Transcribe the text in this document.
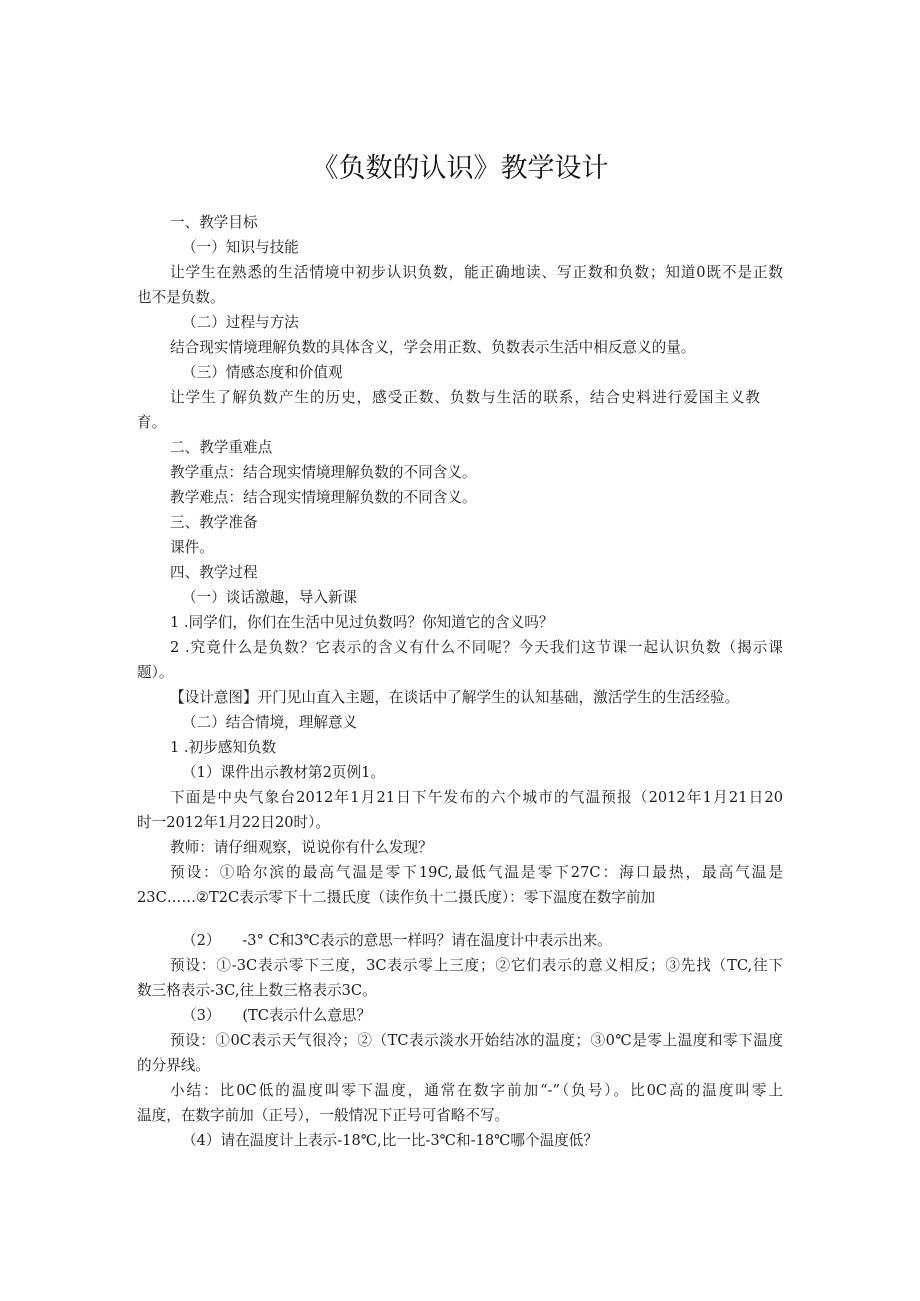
《负数的认识》教学设计
一、教学目标
（一）知识与技能
让学生在熟悉的生活情境中初步认识负数，能正确地读、写正数和负数；知道0既不是正数
也不是负数。
（二）过程与方法
结合现实情境理解负数的具体含义，学会用正数、负数表示生活中相反意义的量。
（三）情感态度和价值观
让学生了解负数产生的历史，感受正数、负数与生活的联系，结合史料进行爱国主义教
育。
二、教学重难点
教学重点：结合现实情境理解负数的不同含义。
教学难点：结合现实情境理解负数的不同含义。
三、教学准备
课件。
四、教学过程
（一）谈话激趣，导入新课
1 .同学们，你们在生活中见过负数吗？你知道它的含义吗？
2 .究竟什么是负数？它表示的含义有什么不同呢？今天我们这节课一起认识负数（揭示课
题）。
【设计意图】开门见山直入主题，在谈话中了解学生的认知基础，激活学生的生活经验。
（二）结合情境，理解意义
1 .初步感知负数
（1）课件出示教材第2页例1。
下面是中央气象台2012年1月21日下午发布的六个城市的气温预报（2012年1月21日20
时一2012年1月22日20时）。
教师：请仔细观察，说说你有什么发现？
预设：①哈尔滨的最高气温是零下19C,最低气温是零下27C：海口最热，最高气温是
23C……②T2C表示零下十二摄氏度（读作负十二摄氏度）：零下温度在数字前加
（2）　　-3° C和3℃表示的意思一样吗？请在温度计中表示出来。
预设：①-3C表示零下三度，3C表示零上三度；②它们表示的意义相反；③先找（TC,往下
数三格表示-3C,往上数三格表示3C。
（3）　　(TC表示什么意思？
预设：①0C表示天气很冷；②（TC表示淡水开始结冰的温度；③0℃是零上温度和零下温度
的分界线。
小结：比0C低的温度叫零下温度，通常在数字前加“-”（负号）。比0C高的温度叫零上
温度，在数字前加（正号），一般情况下正号可省略不写。
（4）请在温度计上表示-18℃,比一比-3℃和-18℃哪个温度低？
